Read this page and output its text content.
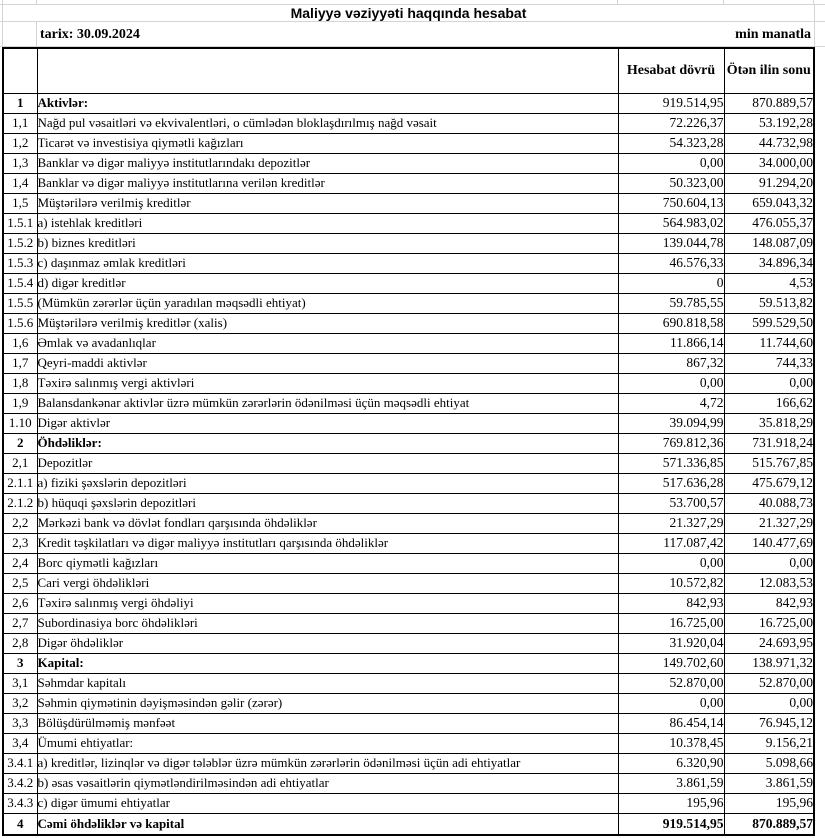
Maliyyə vəziyyəti haqqında hesabat
tarix: 30.09.2024	min manatla
		Hesabat dövrü	Ötən ilin sonu
1	Aktivlər:	919.514,95	870.889,57
1,1	Nağd pul vəsaitləri və ekvivalentləri, o cümlədən bloklaşdırılmış nağd vəsait	72.226,37	53.192,28
1,2	Ticarət və investisiya qiymətli kağızları	54.323,28	44.732,98
1,3	Banklar və digər maliyyə institutlarındakı depozitlər	0,00	34.000,00
1,4	Banklar və digər maliyyə institutlarına verilən kreditlər	50.323,00	91.294,20
1,5	Müştərilərə verilmiş kreditlər	750.604,13	659.043,32
1.5.1	a) istehlak kreditləri	564.983,02	476.055,37
1.5.2	b) biznes kreditləri	139.044,78	148.087,09
1.5.3	c) daşınmaz əmlak kreditləri	46.576,33	34.896,34
1.5.4	d) digər kreditlər	0	4,53
1.5.5	(Mümkün zərərlər üçün yaradılan məqsədli ehtiyat)	59.785,55	59.513,82
1.5.6	Müştərilərə verilmiş kreditlər (xalis)	690.818,58	599.529,50
1,6	Əmlak və avadanlıqlar	11.866,14	11.744,60
1,7	Qeyri-maddi aktivlər	867,32	744,33
1,8	Təxirə salınmış vergi aktivləri	0,00	0,00
1,9	Balansdankənar aktivlər üzrə mümkün zərərlərin ödənilməsi üçün məqsədli ehtiyat	4,72	166,62
1.10	Digər aktivlər	39.094,99	35.818,29
2	Öhdəliklər:	769.812,36	731.918,24
2,1	Depozitlər	571.336,85	515.767,85
2.1.1	a) fiziki şəxslərin depozitləri	517.636,28	475.679,12
2.1.2	b) hüquqi şəxslərin depozitləri	53.700,57	40.088,73
2,2	Mərkəzi bank və dövlət fondları qarşısında öhdəliklər	21.327,29	21.327,29
2,3	Kredit təşkilatları və digər maliyyə institutları qarşısında öhdəliklər	117.087,42	140.477,69
2,4	Borc qiymətli kağızları	0,00	0,00
2,5	Cari vergi öhdəlikləri	10.572,82	12.083,53
2,6	Təxirə salınmış vergi öhdəliyi	842,93	842,93
2,7	Subordinasiya borc öhdəlikləri	16.725,00	16.725,00
2,8	Digər öhdəliklər	31.920,04	24.693,95
3	Kapital:	149.702,60	138.971,32
3,1	Səhmdar kapitalı	52.870,00	52.870,00
3,2	Səhmin qiymətinin dəyişməsindən gəlir (zərər)	0,00	0,00
3,3	Bölüşdürülməmiş mənfəət	86.454,14	76.945,12
3,4	Ümumi ehtiyatlar:	10.378,45	9.156,21
3.4.1	a) kreditlər, lizinqlər və digər tələblər üzrə mümkün zərərlərin ödənilməsi üçün adi ehtiyatlar	6.320,90	5.098,66
3.4.2	b) əsas vəsaitlərin qiymətləndirilməsindən adi ehtiyatlar	3.861,59	3.861,59
3.4.3	c) digər ümumi ehtiyatlar	195,96	195,96
4	Cəmi öhdəliklər və kapital	919.514,95	870.889,57
